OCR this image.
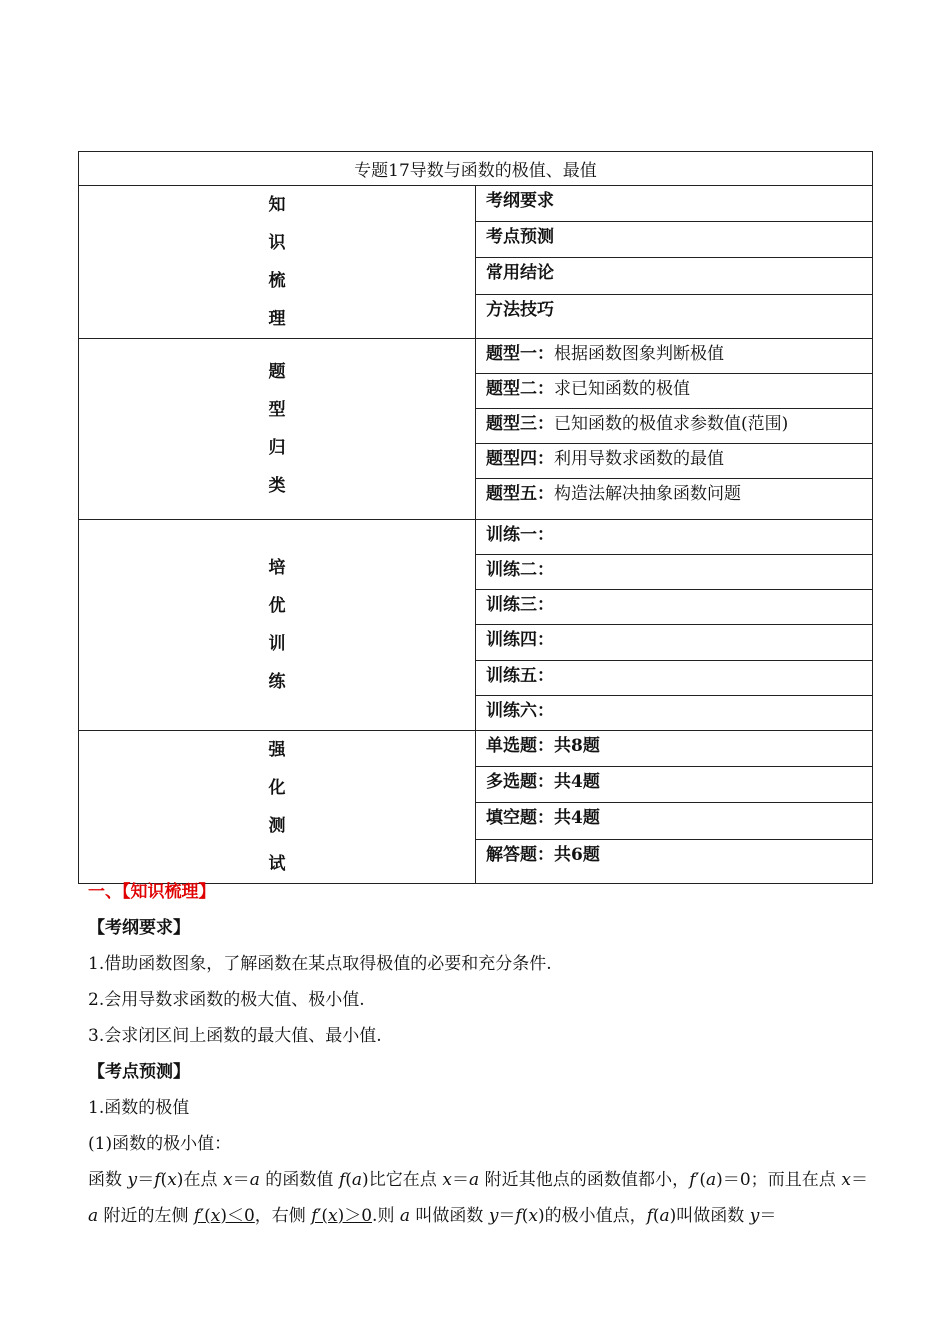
专题17导数与函数的极值、最值	

知
识
梳
理	考纲要求
	考点预测
	常用结论
	方法技巧

题
型
归
类	题型一：根据函数图象判断极值
	题型二：求已知函数的极值
	题型三：已知函数的极值求参数值(范围)
	题型四：利用导数求函数的最值
	题型五：构造法解决抽象函数问题

培
优
训
练	训练一：
	训练二：
	训练三：
	训练四：
	训练五：
	训练六：

强
化
测
试	单选题：共8题
	多选题：共4题
	填空题：共4题
	解答题：共6题
一、【知识梳理】
【考纲要求】
1.借助函数图象，了解函数在某点取得极值的必要和充分条件.
2.会用导数求函数的极大值、极小值.
3.会求闭区间上函数的最大值、最小值.
【考点预测】
1.函数的极值
(1)函数的极小值：
函数 y＝f(x)在点 x＝a 的函数值 f(a)比它在点 x＝a 附近其他点的函数值都小，f′(a)＝0；而且在点 x＝a 附近的左侧 f′(x)＜0，右侧 f′(x)＞0.则 a 叫做函数 y＝f(x)的极小值点，f(a)叫做函数 y＝
